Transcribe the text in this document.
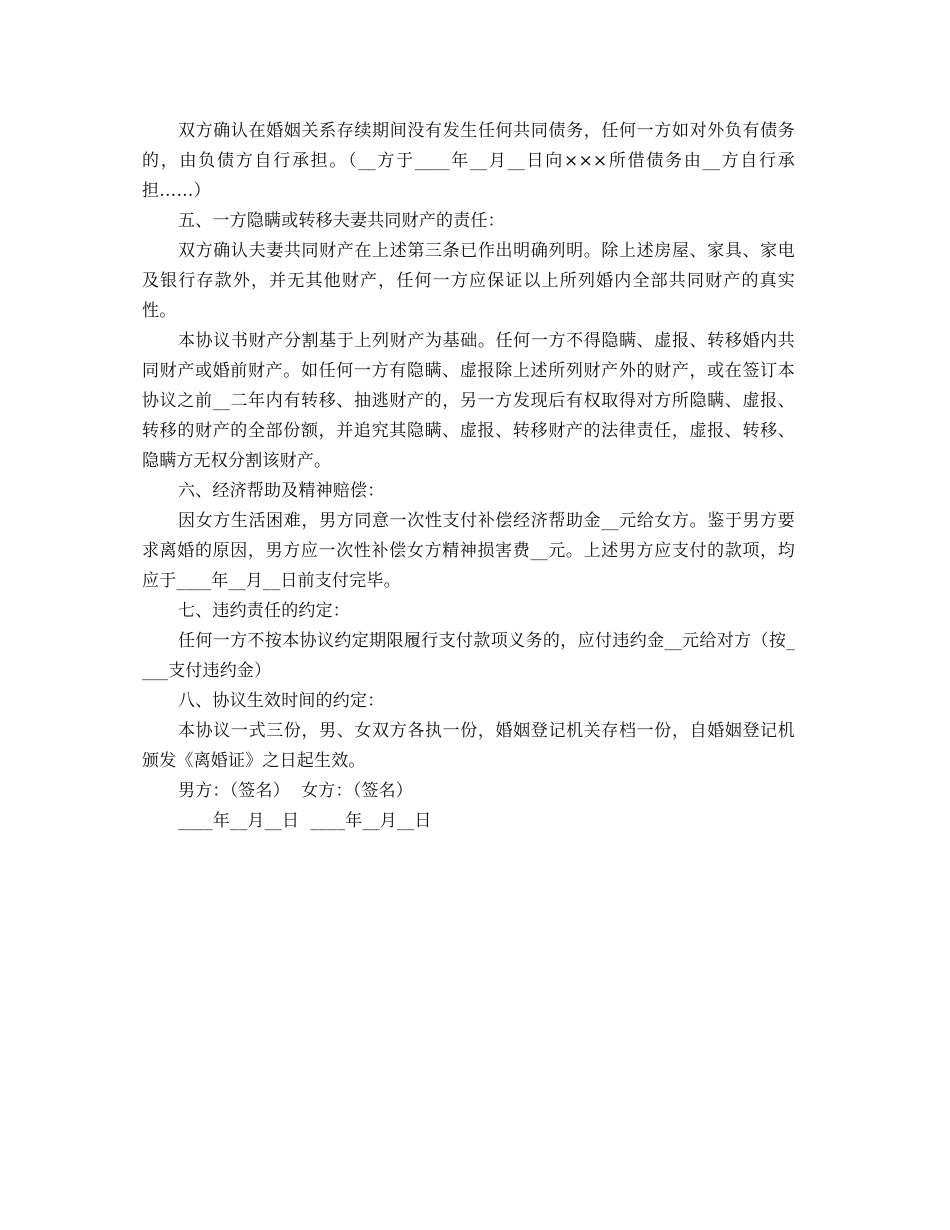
双方确认在婚姻关系存续期间没有发生任何共同债务，任何一方如对外负有债务的，由负债方自行承担。（__方于____年__月__日向×××所借债务由__方自行承担……）

五、一方隐瞒或转移夫妻共同财产的责任：

双方确认夫妻共同财产在上述第三条已作出明确列明。除上述房屋、家具、家电及银行存款外，并无其他财产，任何一方应保证以上所列婚内全部共同财产的真实性。

本协议书财产分割基于上列财产为基础。任何一方不得隐瞒、虚报、转移婚内共同财产或婚前财产。如任何一方有隐瞒、虚报除上述所列财产外的财产，或在签订本协议之前__二年内有转移、抽逃财产的，另一方发现后有权取得对方所隐瞒、虚报、转移的财产的全部份额，并追究其隐瞒、虚报、转移财产的法律责任，虚报、转移、隐瞒方无权分割该财产。

六、经济帮助及精神赔偿：

因女方生活困难，男方同意一次性支付补偿经济帮助金__元给女方。鉴于男方要求离婚的原因，男方应一次性补偿女方精神损害费__元。上述男方应支付的款项，均应于____年__月__日前支付完毕。

七、违约责任的约定：

任何一方不按本协议约定期限履行支付款项义务的，应付违约金__元给对方（按____支付违约金）

八、协议生效时间的约定：

本协议一式三份，男、女双方各执一份，婚姻登记机关存档一份，自婚姻登记机颁发《离婚证》之日起生效。

男方：（签名）  女方：（签名）

____年__月__日  ____年__月__日
